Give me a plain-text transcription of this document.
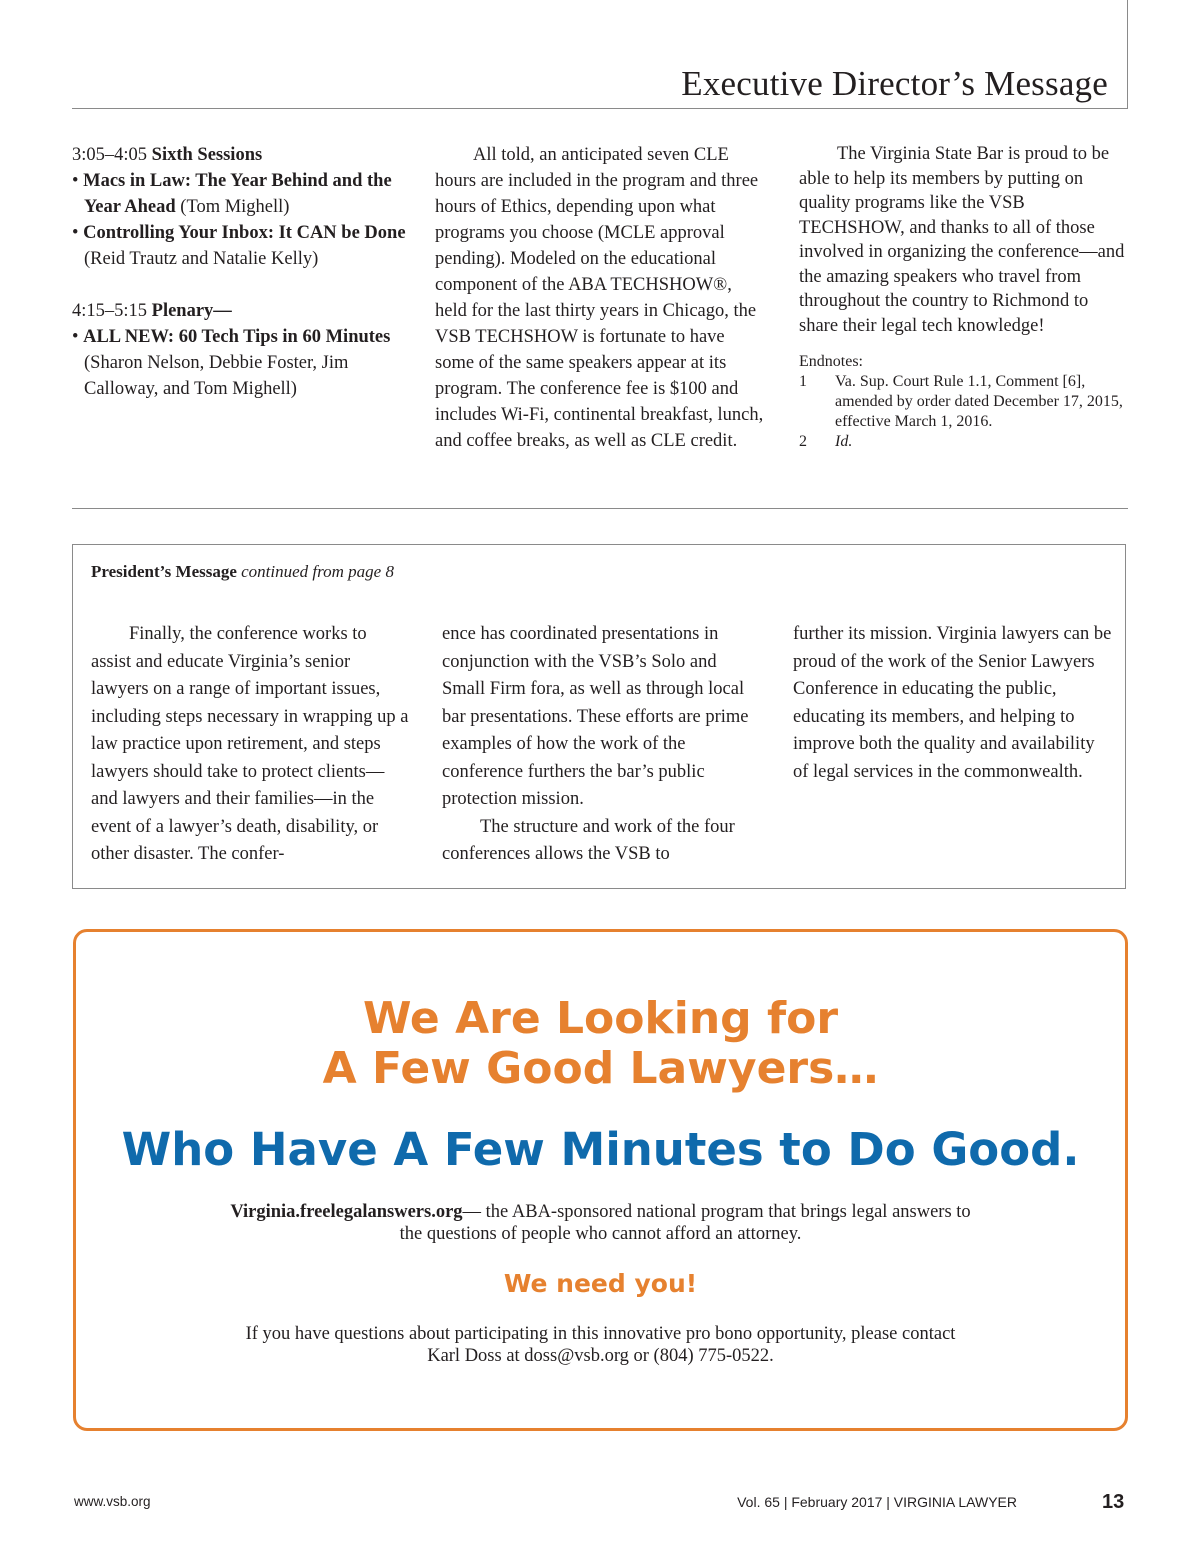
Executive Director’s Message

3:05–4:05 Sixth Sessions

• Macs in Law: The Year Behind and the Year Ahead (Tom Mighell)

• Controlling Your Inbox: It CAN be Done (Reid Trautz and Natalie Kelly)

4:15–5:15 Plenary—

• ALL NEW: 60 Tech Tips in 60 Minutes (Sharon Nelson, Debbie Foster, Jim Calloway, and Tom Mighell)

All told, an anticipated seven CLE hours are included in the program and three hours of Ethics, depending upon what programs you choose (MCLE approval pending). Modeled on the educational component of the ABA TECHSHOW®, held for the last thirty years in Chicago, the VSB TECHSHOW is fortunate to have some of the same speakers appear at its program. The conference fee is $100 and includes Wi-Fi, continental breakfast, lunch, and coffee breaks, as well as CLE credit.

The Virginia State Bar is proud to be able to help its members by putting on quality programs like the VSB TECHSHOW, and thanks to all of those involved in organizing the conference—and the amazing speakers who travel from throughout the country to Richmond to share their legal tech knowledge!

Endnotes:
1	Va. Sup. Court Rule 1.1, Comment [6], amended by order dated December 17, 2015, effective March 1, 2016.
2	Id.
President’s Message continued from page 8

Finally, the conference works to assist and educate Virginia’s senior lawyers on a range of important issues, including steps necessary in wrapping up a law practice upon retirement, and steps lawyers should take to protect clients—and lawyers and their families—in the event of a lawyer’s death, disability, or other disaster. The confer-

ence has coordinated presentations in conjunction with the VSB’s Solo and Small Firm fora, as well as through local bar presentations. These efforts are prime examples of how the work of the conference furthers the bar’s public protection mission.

The structure and work of the four conferences allows the VSB to

further its mission. Virginia lawyers can be proud of the work of the Senior Lawyers Conference in educating the public, educating its members, and helping to improve both the quality and availability of legal services in the commonwealth.

We Are Looking for
A Few Good Lawyers…
Who Have A Few Minutes to Do Good.
Virginia.freelegalanswers.org— the ABA-sponsored national program that brings legal answers to
the questions of people who cannot afford an attorney.
We need you!
If you have questions about participating in this innovative pro bono opportunity, please contact
Karl Doss at doss@vsb.org or (804) 775-0522.
www.vsb.org	Vol. 65 | February 2017 | VIRGINIA LAWYER	13
